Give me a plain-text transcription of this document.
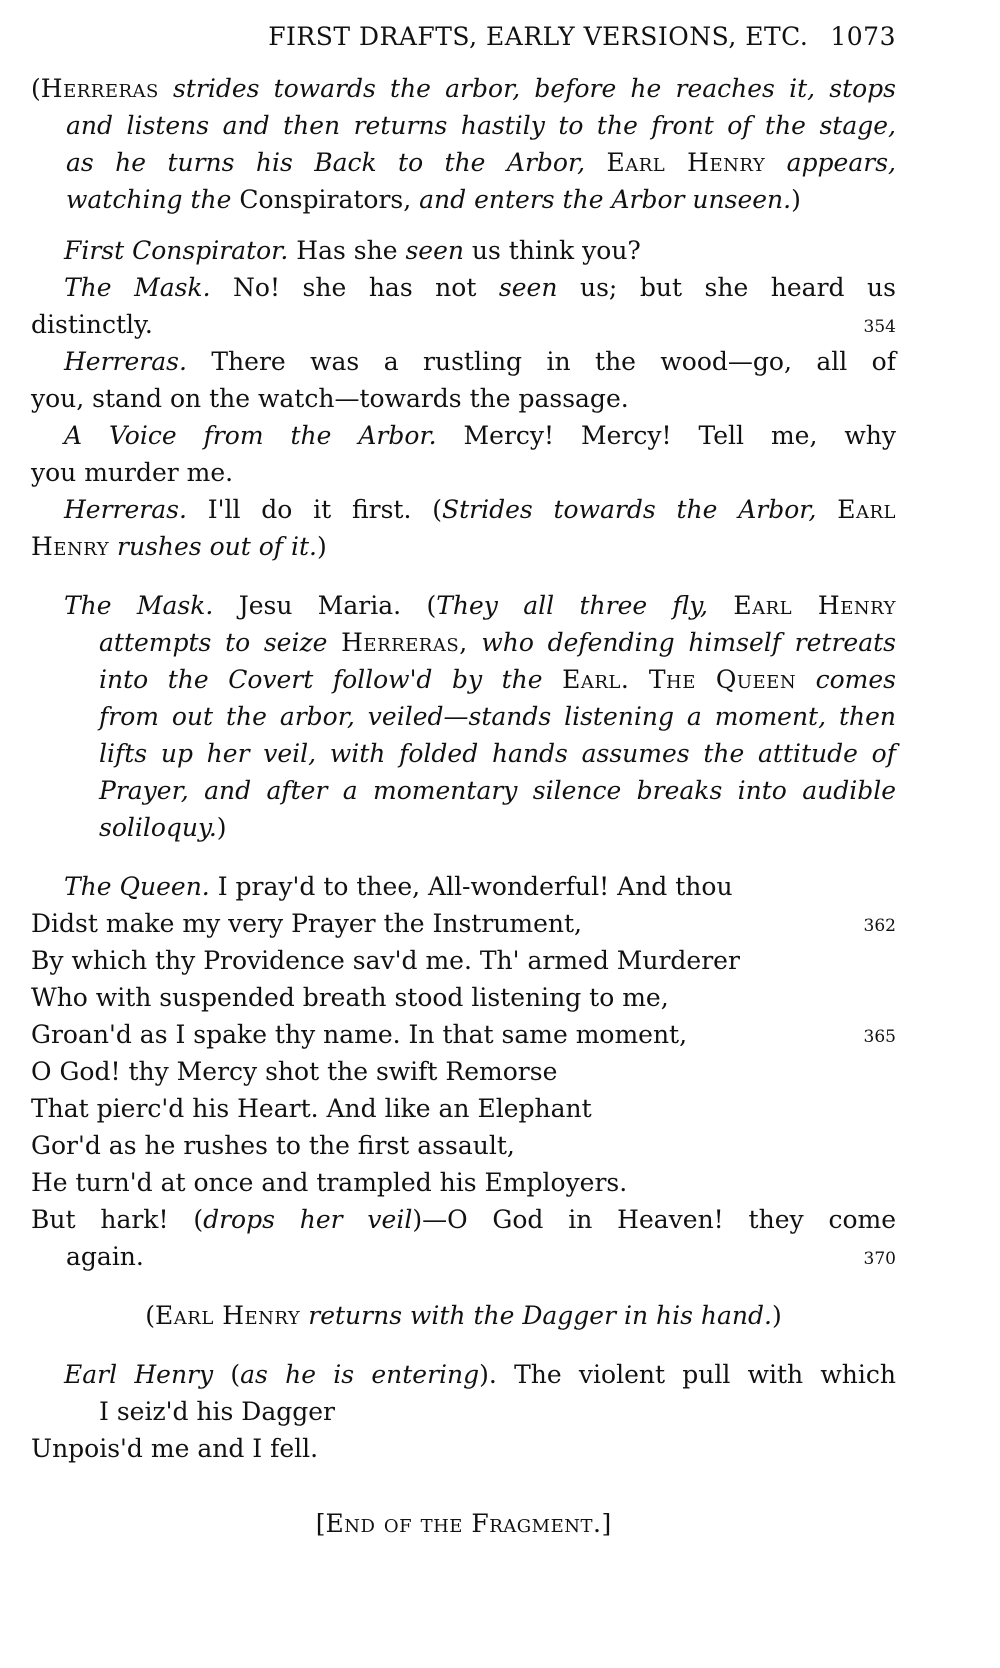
FIRST DRAFTS, EARLY VERSIONS, ETC. 1073
(Herreras strides towards the arbor, before he reaches it, stops
and listens and then returns hastily to the front of the stage,
as he turns his Back to the Arbor, Earl Henry appears,
watching the Conspirators, and enters the Arbor unseen.)
First Conspirator. Has she seen us think you?
The Mask. No! she has not seen us; but she heard us
distinctly.	354
Herreras. There was a rustling in the wood—go, all of
you, stand on the watch—towards the passage.
A Voice from the Arbor. Mercy! Mercy! Tell me, why
you murder me.
Herreras. I'll do it first. (Strides towards the Arbor, Earl
Henry rushes out of it.)
The Mask. Jesu Maria. (They all three fly, Earl Henry
attempts to seize Herreras, who defending himself retreats
into the Covert follow'd by the Earl. The Queen comes
from out the arbor, veiled—stands listening a moment, then
lifts up her veil, with folded hands assumes the attitude of
Prayer, and after a momentary silence breaks into audible
soliloquy.)
The Queen. I pray'd to thee, All-wonderful! And thou
Didst make my very Prayer the Instrument,	362
By which thy Providence sav'd me. Th' armed Murderer
Who with suspended breath stood listening to me,
Groan'd as I spake thy name. In that same moment,	365
O God! thy Mercy shot the swift Remorse
That pierc'd his Heart. And like an Elephant
Gor'd as he rushes to the first assault,
He turn'd at once and trampled his Employers.
But hark! (drops her veil)—O God in Heaven! they come
again.	370
(Earl Henry returns with the Dagger in his hand.)
Earl Henry (as he is entering). The violent pull with which
I seiz'd his Dagger
Unpois'd me and I fell.
[End of the Fragment.]
